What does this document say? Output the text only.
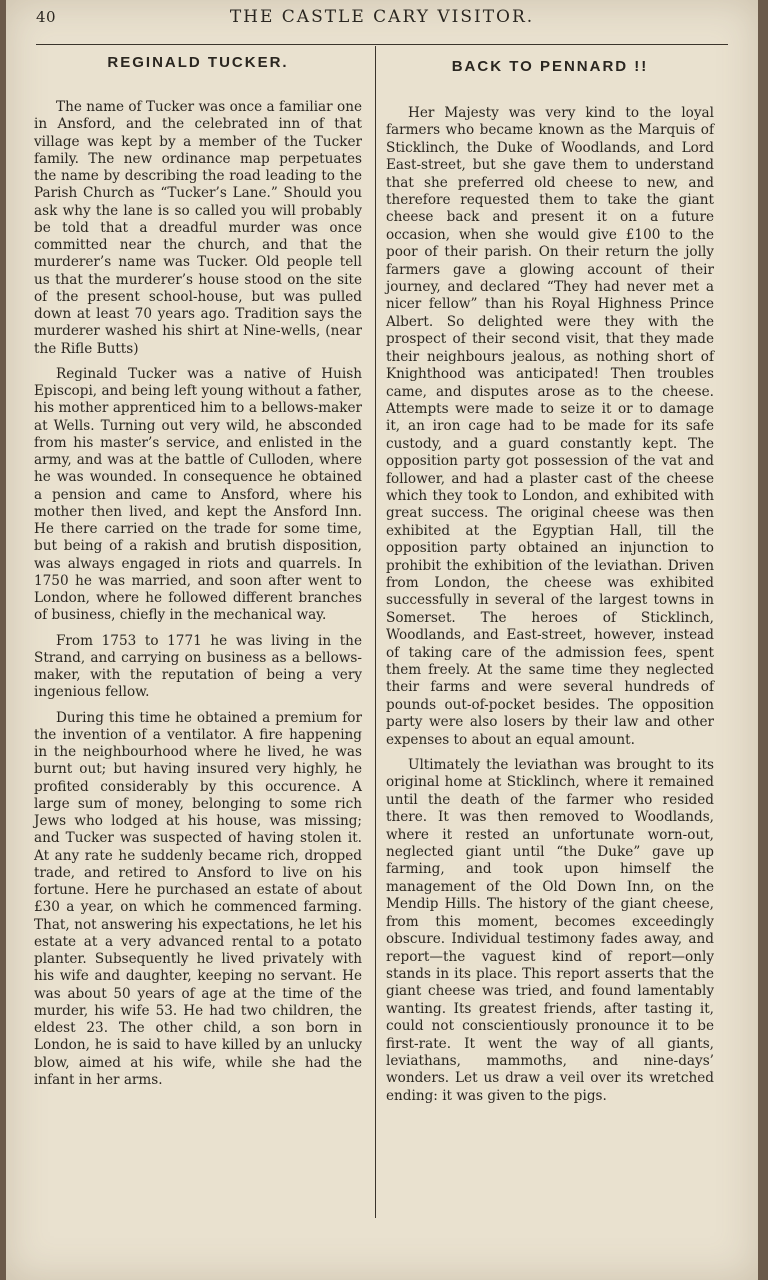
40	THE CASTLE CARY VISITOR.
REGINALD TUCKER.

The name of Tucker was once a familiar one in Ansford, and the celebrated inn of that village was kept by a member of the Tucker family. The new ordinance map perpetuates the name by describing the road leading to the Parish Church as “Tucker’s Lane.” Should you ask why the lane is so called you will probably be told that a dreadful murder was once committed near the church, and that the murderer’s name was Tucker. Old people tell us that the murderer’s house stood on the site of the present school-house, but was pulled down at least 70 years ago. Tradition says the murderer washed his shirt at Nine-wells, (near the Rifle Butts)

Reginald Tucker was a native of Huish Episcopi, and being left young without a father, his mother apprenticed him to a bellows-maker at Wells. Turning out very wild, he absconded from his master’s service, and enlisted in the army, and was at the battle of Culloden, where he was wounded. In consequence he obtained a pension and came to Ansford, where his mother then lived, and kept the Ansford Inn. He there carried on the trade for some time, but being of a rakish and brutish disposition, was always engaged in riots and quarrels. In 1750 he was married, and soon after went to London, where he followed different branches of business, chiefly in the mechanical way.

From 1753 to 1771 he was living in the Strand, and carrying on business as a bellows-maker, with the reputation of being a very ingenious fellow.

During this time he obtained a premium for the invention of a ventilator. A fire happening in the neighbourhood where he lived, he was burnt out; but having insured very highly, he profited considerably by this occurence. A large sum of money, belonging to some rich Jews who lodged at his house, was missing; and Tucker was suspected of having stolen it. At any rate he suddenly became rich, dropped trade, and retired to Ansford to live on his fortune. Here he purchased an estate of about £30 a year, on which he commenced farming. That, not answering his expectations, he let his estate at a very advanced rental to a potato planter. Subsequently he lived privately with his wife and daughter, keeping no servant. He was about 50 years of age at the time of the murder, his wife 53. He had two children, the eldest 23. The other child, a son born in London, he is said to have killed by an unlucky blow, aimed at his wife, while she had the infant in her arms.

BACK TO PENNARD !!

Her Majesty was very kind to the loyal farmers who became known as the Marquis of Sticklinch, the Duke of Woodlands, and Lord East-street, but she gave them to understand that she preferred old cheese to new, and therefore requested them to take the giant cheese back and present it on a future occasion, when she would give £100 to the poor of their parish. On their return the jolly farmers gave a glowing account of their journey, and declared “They had never met a nicer fellow” than his Royal Highness Prince Albert. So delighted were they with the prospect of their second visit, that they made their neighbours jealous, as nothing short of Knighthood was anticipated! Then troubles came, and disputes arose as to the cheese. Attempts were made to seize it or to damage it, an iron cage had to be made for its safe custody, and a guard constantly kept. The opposition party got possession of the vat and follower, and had a plaster cast of the cheese which they took to London, and exhibited with great success. The original cheese was then exhibited at the Egyptian Hall, till the opposition party obtained an injunction to prohibit the exhibition of the leviathan. Driven from London, the cheese was exhibited successfully in several of the largest towns in Somerset. The heroes of Sticklinch, Woodlands, and East-street, however, instead of taking care of the admission fees, spent them freely. At the same time they neglected their farms and were several hundreds of pounds out-of-pocket besides. The opposition party were also losers by their law and other expenses to about an equal amount.

Ultimately the leviathan was brought to its original home at Sticklinch, where it remained until the death of the farmer who resided there. It was then removed to Woodlands, where it rested an unfortunate worn-out, neglected giant until “the Duke” gave up farming, and took upon himself the management of the Old Down Inn, on the Mendip Hills. The history of the giant cheese, from this moment, becomes exceedingly obscure. Individual testimony fades away, and report—the vaguest kind of report—only stands in its place. This report asserts that the giant cheese was tried, and found lamentably wanting. Its greatest friends, after tasting it, could not conscientiously pronounce it to be first-rate. It went the way of all giants, leviathans, mammoths, and nine-days’ wonders. Let us draw a veil over its wretched ending: it was given to the pigs.
